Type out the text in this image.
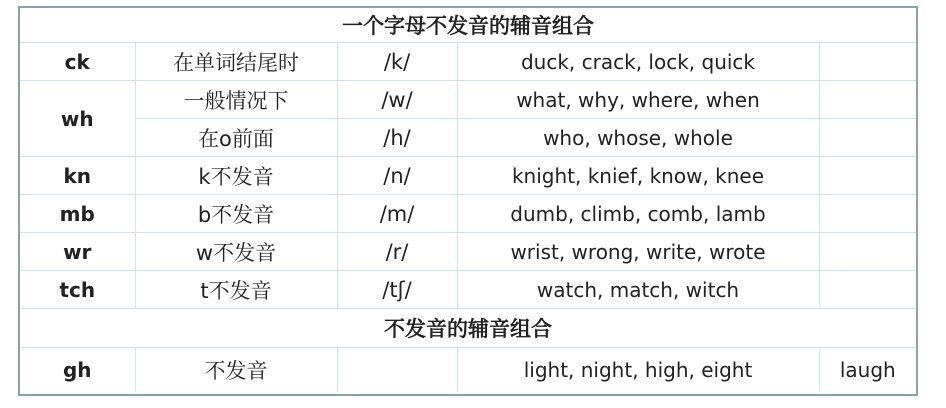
一个字母不发音的辅音组合				
ck	在单词结尾时	/k/	duck, crack, lock, quick	
wh	一般情况下	/w/	what, why, where, when	
	在o前面	/h/	who, whose, whole	
kn	k不发音	/n/	knight, knief, know, knee	
mb	b不发音	/m/	dumb, climb, comb, lamb	
wr	w不发音	/r/	wrist, wrong, write, wrote	
tch	t不发音	/tʃ/	watch, match, witch	
不发音的辅音组合				
gh	不发音		light, night, high, eight	laugh
